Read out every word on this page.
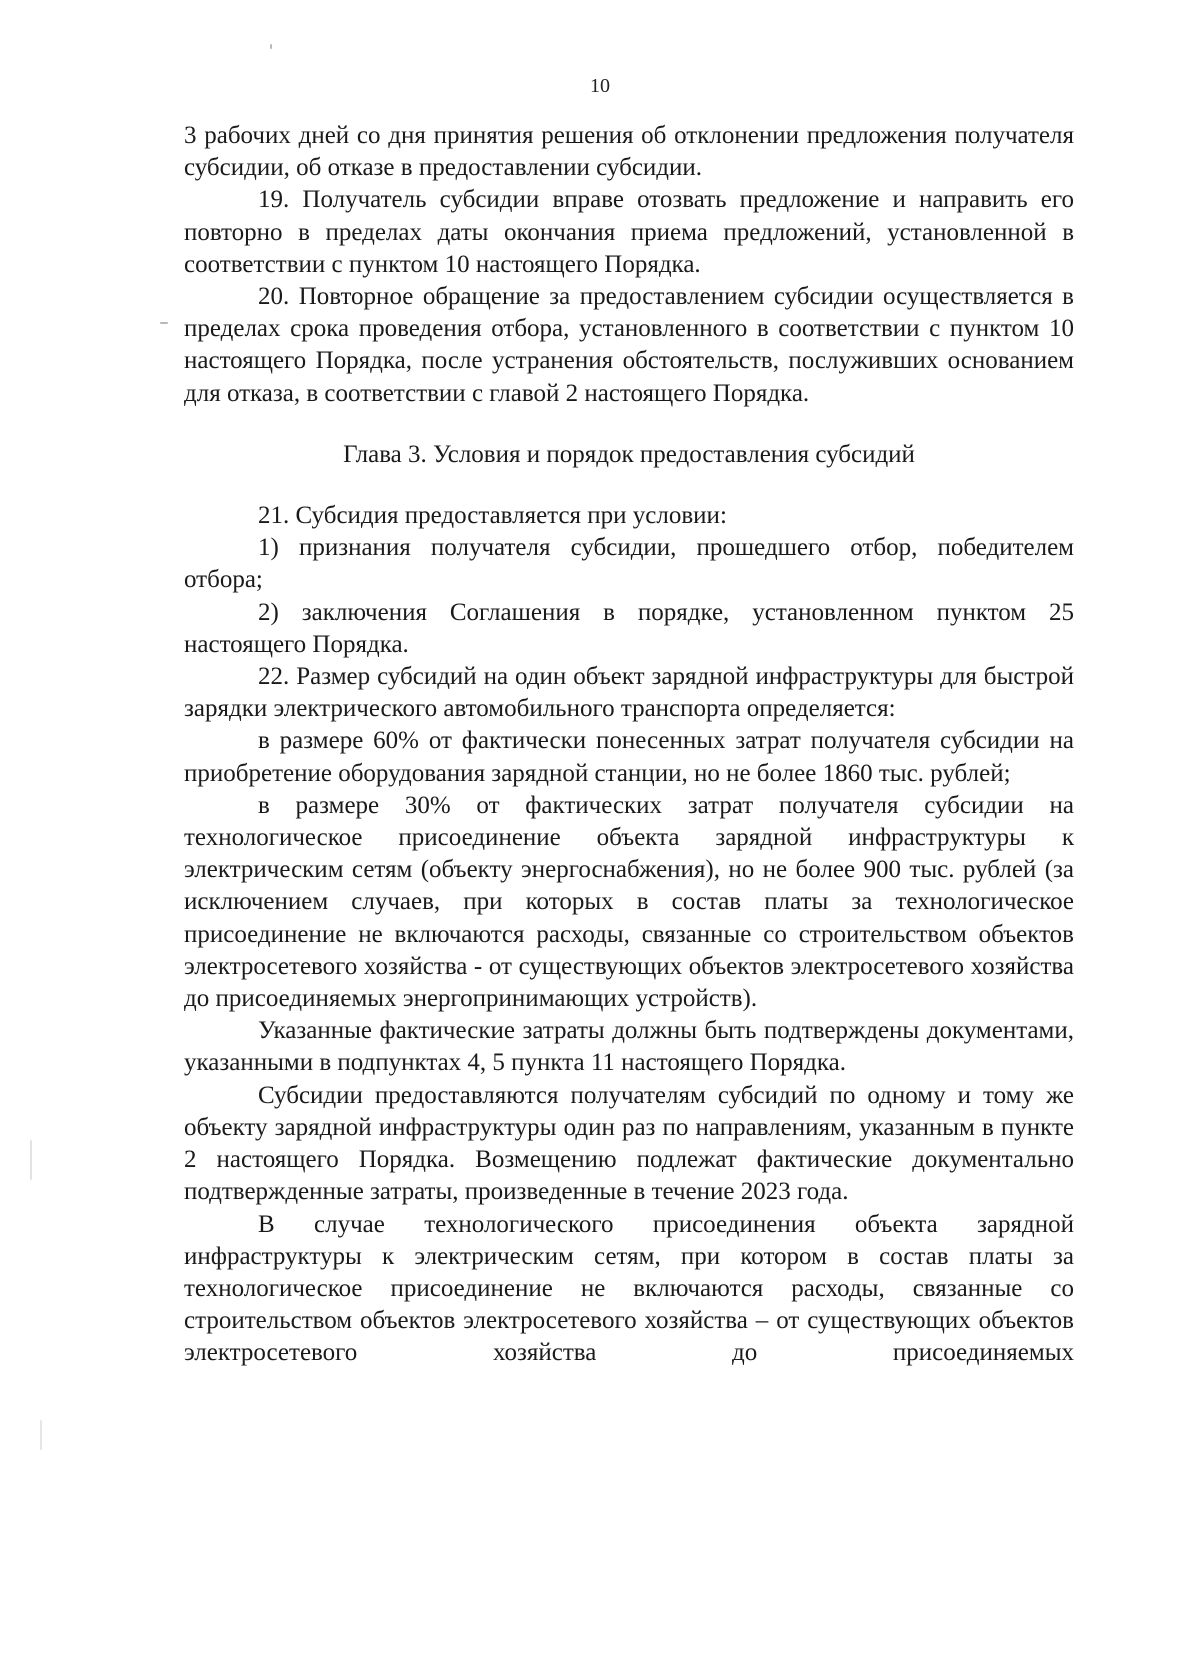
10

3 рабочих дней со дня принятия решения об отклонении предложения получателя субсидии, об отказе в предоставлении субсидии.

19. Получатель субсидии вправе отозвать предложение и направить его повторно в пределах даты окончания приема предложений, установленной в соответствии с пунктом 10 настоящего Порядка.

20. Повторное обращение за предоставлением субсидии осуществляется в пределах срока проведения отбора, установленного в соответствии с пунктом 10 настоящего Порядка, после устранения обстоятельств, послуживших основанием для отказа, в соответствии с главой 2 настоящего Порядка.

Глава 3. Условия и порядок предоставления субсидий

21. Субсидия предоставляется при условии:

1) признания получателя субсидии, прошедшего отбор, победителем отбора;

2) заключения Соглашения в порядке, установленном пунктом 25 настоящего Порядка.

22. Размер субсидий на один объект зарядной инфраструктуры для быстрой зарядки электрического автомобильного транспорта определяется:

в размере 60% от фактически понесенных затрат получателя субсидии на приобретение оборудования зарядной станции, но не более 1860 тыс. рублей;

в размере 30% от фактических затрат получателя субсидии на технологическое присоединение объекта зарядной инфраструктуры к электрическим сетям (объекту энергоснабжения), но не более 900 тыс. рублей (за исключением случаев, при которых в состав платы за технологическое присоединение не включаются расходы, связанные со строительством объектов электросетевого хозяйства - от существующих объектов электросетевого хозяйства до присоединяемых энергопринимающих устройств).

Указанные фактические затраты должны быть подтверждены документами, указанными в подпунктах 4, 5 пункта 11 настоящего Порядка.

Субсидии предоставляются получателям субсидий по одному и тому же объекту зарядной инфраструктуры один раз по направлениям, указанным в пункте 2 настоящего Порядка. Возмещению подлежат фактические документально подтвержденные затраты, произведенные в течение 2023 года.

В случае технологического присоединения объекта зарядной инфраструктуры к электрическим сетям, при котором в состав платы за технологическое присоединение не включаются расходы, связанные со строительством объектов электросетевого хозяйства – от существующих объектов электросетевого хозяйства до присоединяемых
